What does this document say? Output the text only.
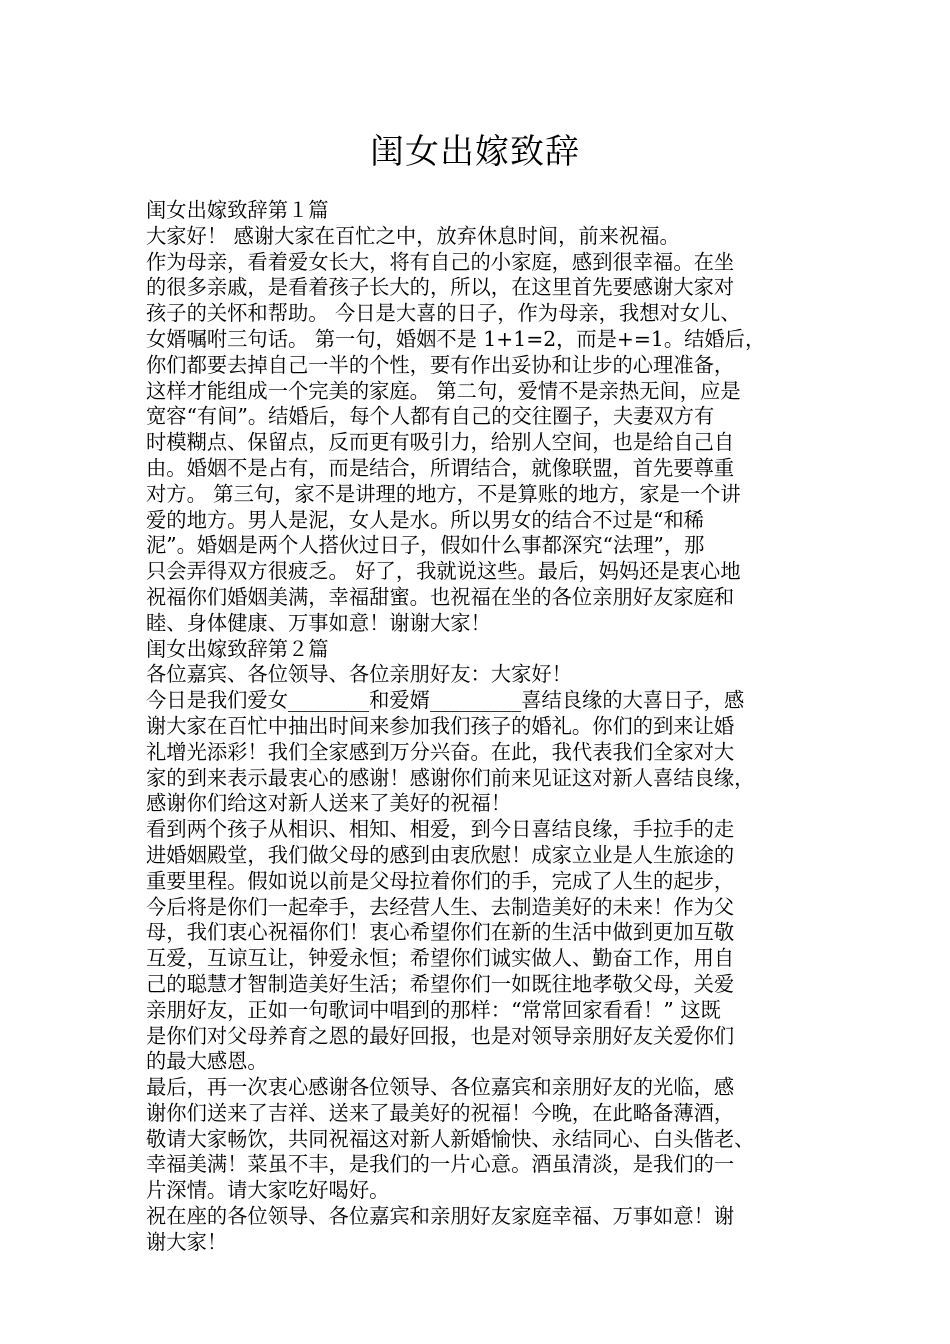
闺女出嫁致辞
闺女出嫁致辞第１篇
大家好！ 感谢大家在百忙之中，放弃休息时间，前来祝福。
作为母亲，看着爱女长大，将有自己的小家庭，感到很幸福。在坐
的很多亲戚，是看着孩子长大的，所以，在这里首先要感谢大家对
孩子的关怀和帮助。 今日是大喜的日子，作为母亲，我想对女儿、
女婿嘱咐三句话。 第一句，婚姻不是 1+1=2，而是+=1。结婚后，
你们都要去掉自己一半的个性，要有作出妥协和让步的心理准备，
这样才能组成一个完美的家庭。 第二句，爱情不是亲热无间，应是
宽容“有间”。结婚后，每个人都有自己的交往圈子，夫妻双方有
时模糊点、保留点，反而更有吸引力，给别人空间，也是给自己自
由。婚姻不是占有，而是结合，所谓结合，就像联盟，首先要尊重
对方。 第三句，家不是讲理的地方，不是算账的地方，家是一个讲
爱的地方。男人是泥，女人是水。所以男女的结合不过是“和稀
泥”。婚姻是两个人搭伙过日子，假如什么事都深究“法理”，那
只会弄得双方很疲乏。 好了，我就说这些。最后，妈妈还是衷心地
祝福你们婚姻美满，幸福甜蜜。也祝福在坐的各位亲朋好友家庭和
睦、身体健康、万事如意！谢谢大家！
闺女出嫁致辞第２篇
各位嘉宾、各位领导、各位亲朋好友：大家好！
今日是我们爱女________和爱婿_________喜结良缘的大喜日子，感
谢大家在百忙中抽出时间来参加我们孩子的婚礼。你们的到来让婚
礼增光添彩！我们全家感到万分兴奋。在此，我代表我们全家对大
家的到来表示最衷心的感谢！感谢你们前来见证这对新人喜结良缘，
感谢你们给这对新人送来了美好的祝福！
看到两个孩子从相识、相知、相爱，到今日喜结良缘，手拉手的走
进婚姻殿堂，我们做父母的感到由衷欣慰！成家立业是人生旅途的
重要里程。假如说以前是父母拉着你们的手，完成了人生的起步，
今后将是你们一起牵手，去经营人生、去制造美好的未来！作为父
母，我们衷心祝福你们！衷心希望你们在新的生活中做到更加互敬
互爱，互谅互让，钟爱永恒；希望你们诚实做人、勤奋工作，用自
己的聪慧才智制造美好生活；希望你们一如既往地孝敬父母，关爱
亲朋好友，正如一句歌词中唱到的那样：“常常回家看看！” 这既
是你们对父母养育之恩的最好回报，也是对领导亲朋好友关爱你们
的最大感恩。
最后，再一次衷心感谢各位领导、各位嘉宾和亲朋好友的光临，感
谢你们送来了吉祥、送来了最美好的祝福！今晚，在此略备薄酒，
敬请大家畅饮，共同祝福这对新人新婚愉快、永结同心、白头偕老、
幸福美满！菜虽不丰，是我们的一片心意。酒虽清淡，是我们的一
片深情。请大家吃好喝好。
祝在座的各位领导、各位嘉宾和亲朋好友家庭幸福、万事如意！谢
谢大家！
